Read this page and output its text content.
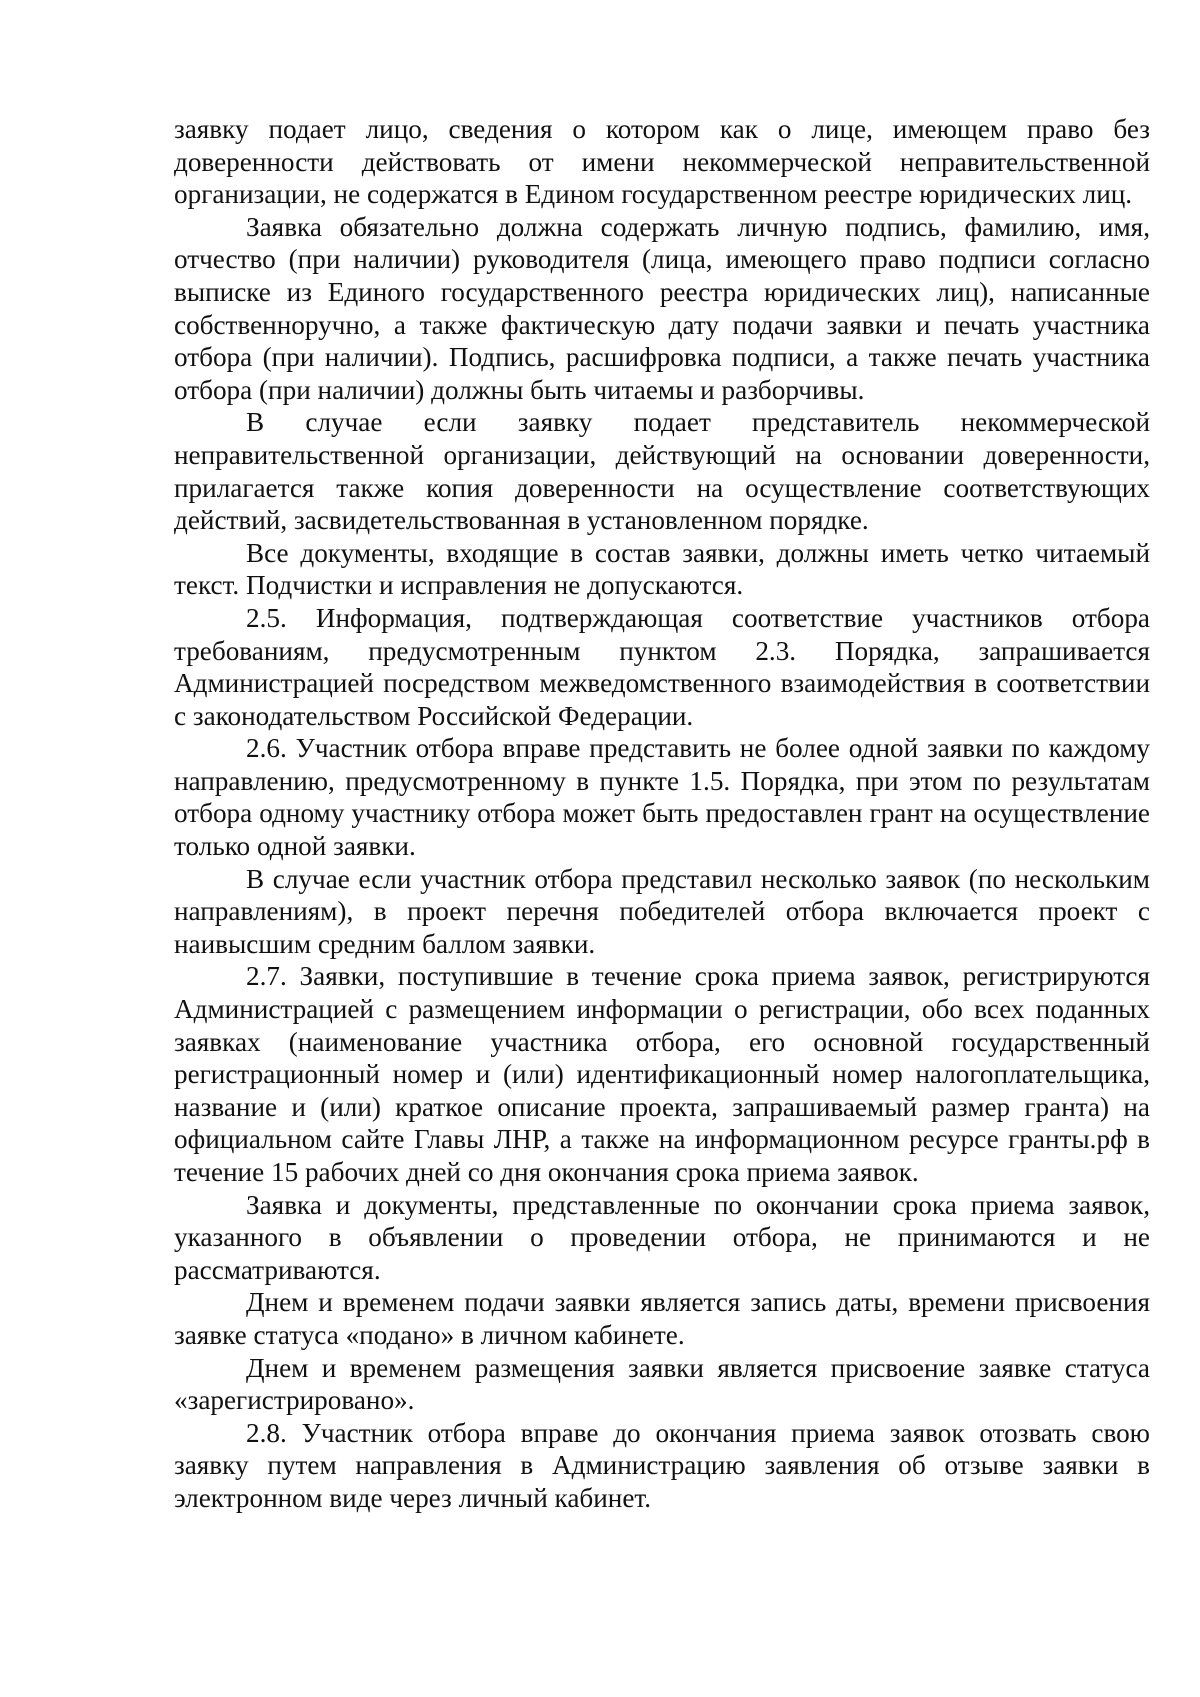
заявку подает лицо, сведения о котором как о лице, имеющем право без доверенности действовать от имени некоммерческой неправительственной организации, не содержатся в Едином государственном реестре юридических лиц.

Заявка обязательно должна содержать личную подпись, фамилию, имя, отчество (при наличии) руководителя (лица, имеющего право подписи согласно выписке из Единого государственного реестра юридических лиц), написанные собственноручно, а также фактическую дату подачи заявки и печать участника отбора (при наличии). Подпись, расшифровка подписи, а также печать участника отбора (при наличии) должны быть читаемы и разборчивы.

В случае если заявку подает представитель некоммерческой неправительственной организации, действующий на основании доверенности, прилагается также копия доверенности на осуществление соответствующих действий, засвидетельствованная в установленном порядке.

Все документы, входящие в состав заявки, должны иметь четко читаемый текст. Подчистки и исправления не допускаются.

2.5. Информация, подтверждающая соответствие участников отбора требованиям, предусмотренным пунктом 2.3. Порядка, запрашивается Администрацией посредством межведомственного взаимодействия в соответствии с законодательством Российской Федерации.

2.6. Участник отбора вправе представить не более одной заявки по каждому направлению, предусмотренному в пункте 1.5. Порядка, при этом по результатам отбора одному участнику отбора может быть предоставлен грант на осуществление только одной заявки.

В случае если участник отбора представил несколько заявок (по нескольким направлениям), в проект перечня победителей отбора включается проект с наивысшим средним баллом заявки.

2.7. Заявки, поступившие в течение срока приема заявок, регистрируются Администрацией с размещением информации о регистрации, обо всех поданных заявках (наименование участника отбора, его основной государственный регистрационный номер и (или) идентификационный номер налогоплательщика, название и (или) краткое описание проекта, запрашиваемый размер гранта) на официальном сайте Главы ЛНР, а также на информационном ресурсе гранты.рф в течение 15 рабочих дней со дня окончания срока приема заявок.

Заявка и документы, представленные по окончании срока приема заявок, указанного в объявлении о проведении отбора, не принимаются и не рассматриваются.

Днем и временем подачи заявки является запись даты, времени присвоения заявке статуса «подано» в личном кабинете.

Днем и временем размещения заявки является присвоение заявке статуса «зарегистрировано».

2.8. Участник отбора вправе до окончания приема заявок отозвать свою заявку путем направления в Администрацию заявления об отзыве заявки в электронном виде через личный кабинет.
